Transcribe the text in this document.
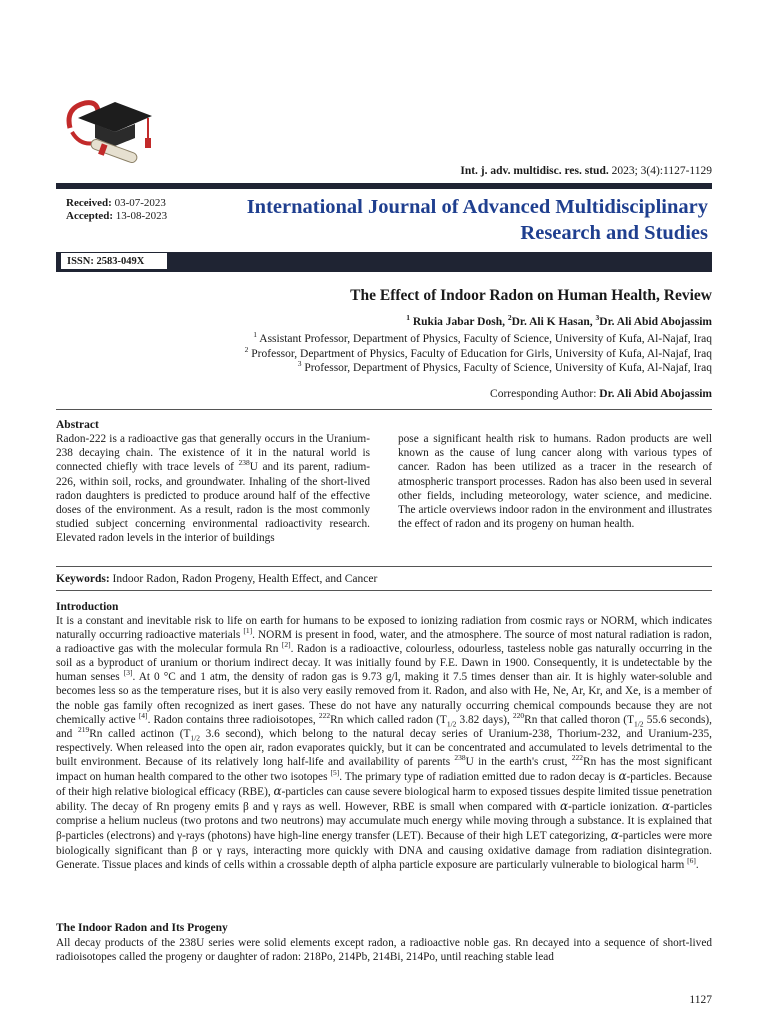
Int. j. adv. multidisc. res. stud. 2023; 3(4):1127-1129
Received: 03-07-2023
Accepted: 13-08-2023	International Journal of Advanced Multidisciplinary
Research and Studies
ISSN: 2583-049X
The Effect of Indoor Radon on Human Health, Review
$^1$ Rukia Jabar Dosh, $^2$Dr. Ali K Hasan, $^3$Dr. Ali Abid Abojassim
$^1$ Assistant Professor, Department of Physics, Faculty of Science, University of Kufa, Al-Najaf, Iraq
$^2$ Professor, Department of Physics, Faculty of Education for Girls, University of Kufa, Al-Najaf, Iraq
$^3$ Professor, Department of Physics, Faculty of Science, University of Kufa, Al-Najaf, Iraq
Corresponding Author: Dr. Ali Abid Abojassim
Abstract
Radon-222 is a radioactive gas that generally occurs in the Uranium-238 decaying chain. The existence of it in the natural world is connected chiefly with trace levels of $^{238}$U and its parent, radium-226, within soil, rocks, and groundwater. Inhaling of the short-lived radon daughters is predicted to produce around half of the effective doses of the environment. As a result, radon is the most commonly studied subject concerning environmental radioactivity research. Elevated radon levels in the interior of buildings
pose a significant health risk to humans. Radon products are well known as the cause of lung cancer along with various types of cancer. Radon has been utilized as a tracer in the research of atmospheric transport processes. Radon has also been used in several other fields, including meteorology, water science, and medicine. The article overviews indoor radon in the environment and illustrates the effect of radon and its progeny on human health.
Keywords: Indoor Radon, Radon Progeny, Health Effect, and Cancer
Introduction
It is a constant and inevitable risk to life on earth for humans to be exposed to ionizing radiation from cosmic rays or NORM, which indicates naturally occurring radioactive materials [1]. NORM is present in food, water, and the atmosphere. The source of most natural radiation is radon, a radioactive gas with the molecular formula Rn [2]. Radon is a radioactive, colourless, odourless, tasteless noble gas naturally occurring in the soil as a byproduct of uranium or thorium indirect decay. It was initially found by F.E. Dawn in 1900. Consequently, it is undetectable by the human senses [3]. At 0 °C and 1 atm, the density of radon gas is 9.73 g/l, making it 7.5 times denser than air. It is highly water-soluble and becomes less so as the temperature rises, but it is also very easily removed from it. Radon, and also with He, Ne, Ar, Kr, and Xe, is a member of the noble gas family often recognized as inert gases. These do not have any naturally occurring chemical compounds because they are not chemically active [4]. Radon contains three radioisotopes, $^{222}$Rn which called radon ($T_{1/2}$ 3.82 days), $^{220}$Rn that called thoron ($T_{1/2}$ 55.6 seconds), and $^{219}$Rn called actinon ($T_{1/2}$ 3.6 second), which belong to the natural decay series of Uranium-238, Thorium-232, and Uranium-235, respectively. When released into the open air, radon evaporates quickly, but it can be concentrated and accumulated to levels detrimental to the built environment. Because of its relatively long half-life and availability of parents $^{238}$U in the earth's crust, $^{222}$Rn has the most significant impact on human health compared to the other two isotopes [5]. The primary type of radiation emitted due to radon decay is α-particles. Because of their high relative biological efficacy (RBE), α-particles can cause severe biological harm to exposed tissues despite limited tissue penetration ability. The decay of Rn progeny emits β and γ rays as well. However, RBE is small when compared with α-particle ionization. α-particles comprise a helium nucleus (two protons and two neutrons) may accumulate much energy while moving through a substance. It is explained that β-particles (electrons) and γ-rays (photons) have high-line energy transfer (LET). Because of their high LET categorizing, α-particles were more biologically significant than β or γ rays, interacting more quickly with DNA and causing oxidative damage from radiation disintegration. Generate. Tissue places and kinds of cells within a crossable depth of alpha particle exposure are particularly vulnerable to biological harm [6].
The Indoor Radon and Its Progeny
All decay products of the 238U series were solid elements except radon, a radioactive noble gas. Rn decayed into a sequence of short-lived radioisotopes called the progeny or daughter of radon: 218Po, 214Pb, 214Bi, 214Po, until reaching stable lead
1127
